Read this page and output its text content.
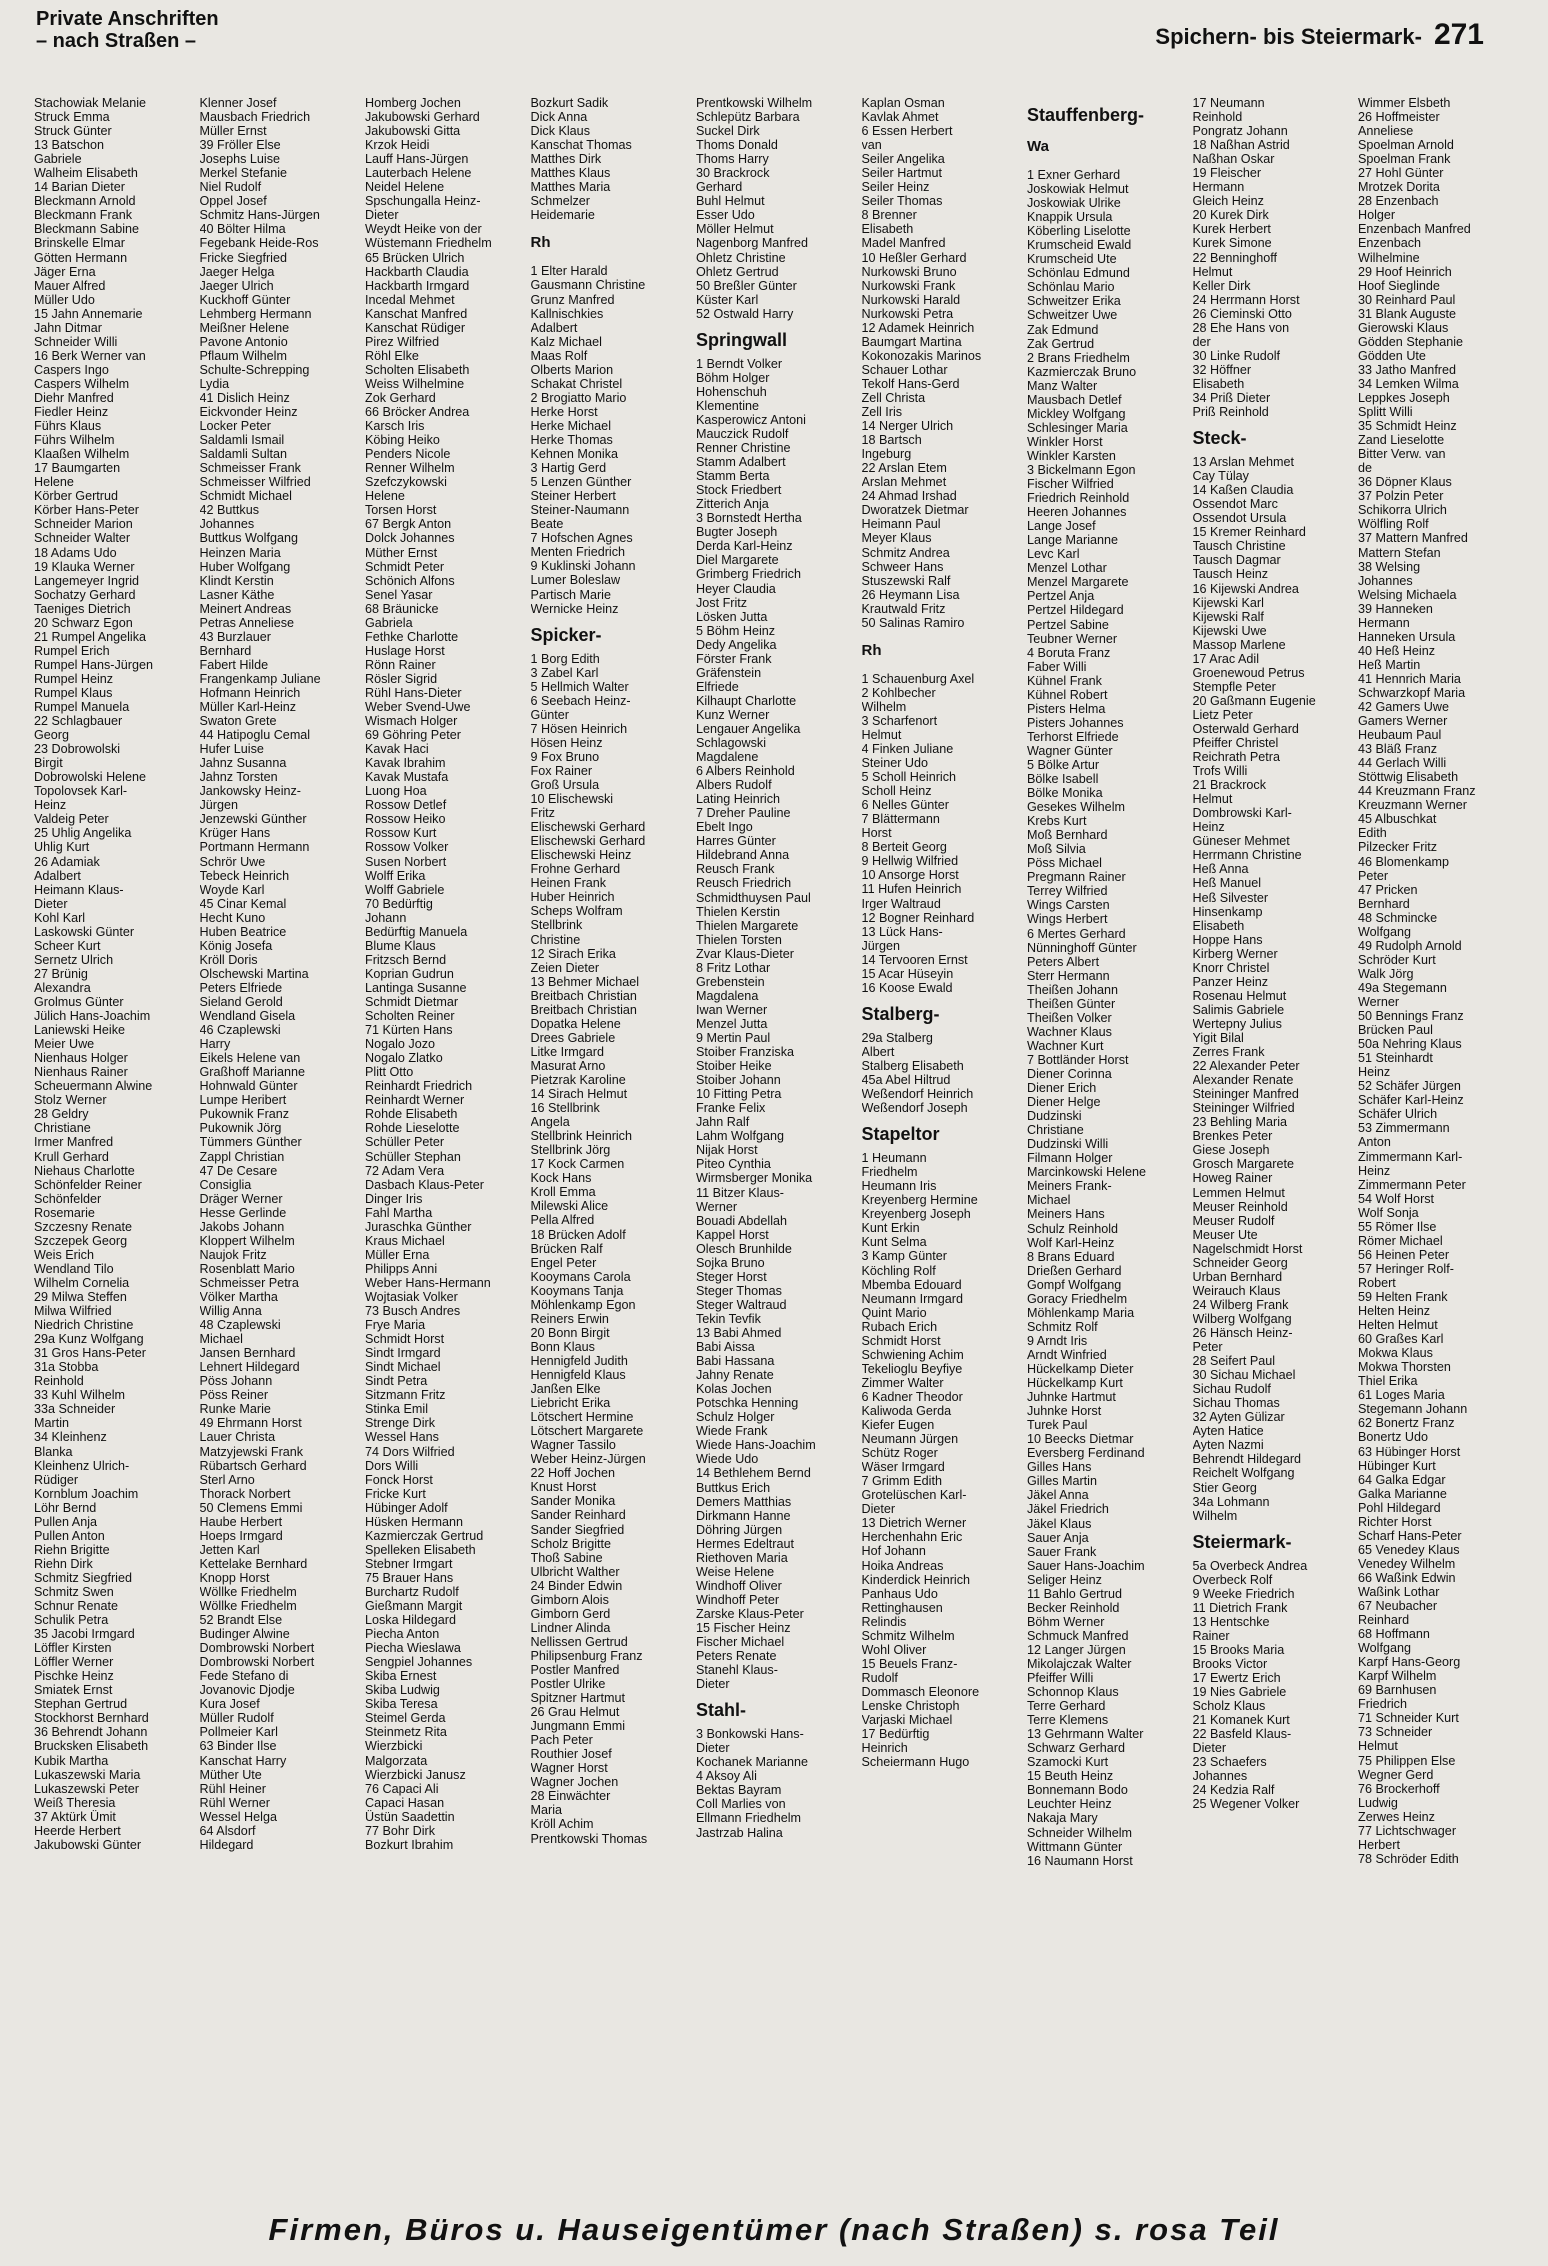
Private Anschriften
– nach Straßen –	Spichern- bis Steiermark- 271
Stachowiak Melanie
Struck Emma
Struck Günter
13 Batschon
Gabriele
Walheim Elisabeth
14 Barian Dieter
Bleckmann Arnold
Bleckmann Frank
Bleckmann Sabine
Brinskelle Elmar
Götten Hermann
Jäger Erna
Mauer Alfred
Müller Udo
15 Jahn Annemarie
Jahn Ditmar
Schneider Willi
16 Berk Werner van
Caspers Ingo
Caspers Wilhelm
Diehr Manfred
Fiedler Heinz
Führs Klaus
Führs Wilhelm
Klaaßen Wilhelm
17 Baumgarten
Helene
Körber Gertrud
Körber Hans-Peter
Schneider Marion
Schneider Walter
18 Adams Udo
19 Klauka Werner
Langemeyer Ingrid
Sochatzy Gerhard
Taeniges Dietrich
20 Schwarz Egon
21 Rumpel Angelika
Rumpel Erich
Rumpel Hans-Jürgen
Rumpel Heinz
Rumpel Klaus
Rumpel Manuela
22 Schlagbauer
Georg
23 Dobrowolski
Birgit
Dobrowolski Helene
Topolovsek Karl-
Heinz
Valdeig Peter
25 Uhlig Angelika
Uhlig Kurt
26 Adamiak
Adalbert
Heimann Klaus-
Dieter
Kohl Karl
Laskowski Günter
Scheer Kurt
Sernetz Ulrich
27 Brünig
Alexandra
Grolmus Günter
Jülich Hans-Joachim
Laniewski Heike
Meier Uwe
Nienhaus Holger
Nienhaus Rainer
Scheuermann Alwine
Stolz Werner
28 Geldry
Christiane
Irmer Manfred
Krull Gerhard
Niehaus Charlotte
Schönfelder Reiner
Schönfelder
Rosemarie
Szczesny Renate
Szczepek Georg
Weis Erich
Wendland Tilo
Wilhelm Cornelia
29 Milwa Steffen
Milwa Wilfried
Niedrich Christine
29a Kunz Wolfgang
31 Gros Hans-Peter
31a Stobba
Reinhold
33 Kuhl Wilhelm
33a Schneider
Martin
34 Kleinhenz
Blanka
Kleinhenz Ulrich-
Rüdiger
Kornblum Joachim
Löhr Bernd
Pullen Anja
Pullen Anton
Riehn Brigitte
Riehn Dirk
Schmitz Siegfried
Schmitz Swen
Schnur Renate
Schulik Petra
35 Jacobi Irmgard
Löffler Kirsten
Löffler Werner
Pischke Heinz
Smiatek Ernst
Stephan Gertrud
Stockhorst Bernhard
36 Behrendt Johann
Brucksken Elisabeth
Kubik Martha
Lukaszewski Maria
Lukaszewski Peter
Weiß Theresia
37 Aktürk Ümit
Heerde Herbert
Jakubowski Günter
Klenner Josef
Mausbach Friedrich
Müller Ernst
39 Fröller Else
Josephs Luise
Merkel Stefanie
Niel Rudolf
Oppel Josef
Schmitz Hans-Jürgen
40 Bölter Hilma
Fegebank Heide-Ros
Fricke Siegfried
Jaeger Helga
Jaeger Ulrich
Kuckhoff Günter
Lehmberg Hermann
Meißner Helene
Pavone Antonio
Pflaum Wilhelm
Schulte-Schrepping
Lydia
41 Dislich Heinz
Eickvonder Heinz
Locker Peter
Saldamli Ismail
Saldamli Sultan
Schmeisser Frank
Schmeisser Wilfried
Schmidt Michael
42 Buttkus
Johannes
Buttkus Wolfgang
Heinzen Maria
Huber Wolfgang
Klindt Kerstin
Lasner Käthe
Meinert Andreas
Petras Anneliese
43 Burzlauer
Bernhard
Fabert Hilde
Frangenkamp Juliane
Hofmann Heinrich
Müller Karl-Heinz
Swaton Grete
44 Hatipoglu Cemal
Hufer Luise
Jahnz Susanna
Jahnz Torsten
Jankowsky Heinz-
Jürgen
Jenzewski Günther
Krüger Hans
Portmann Hermann
Schrör Uwe
Tebeck Heinrich
Woyde Karl
45 Cinar Kemal
Hecht Kuno
Huben Beatrice
König Josefa
Kröll Doris
Olschewski Martina
Peters Elfriede
Sieland Gerold
Wendland Gisela
46 Czaplewski
Harry
Eikels Helene van
Graßhoff Marianne
Hohnwald Günter
Lumpe Heribert
Pukownik Franz
Pukownik Jörg
Tümmers Günther
Zappl Christian
47 De Cesare
Consiglia
Dräger Werner
Hesse Gerlinde
Jakobs Johann
Kloppert Wilhelm
Naujok Fritz
Rosenblatt Mario
Schmeisser Petra
Völker Martha
Willig Anna
48 Czaplewski
Michael
Jansen Bernhard
Lehnert Hildegard
Pöss Johann
Pöss Reiner
Runke Marie
49 Ehrmann Horst
Lauer Christa
Matzyjewski Frank
Rübartsch Gerhard
Sterl Arno
Thorack Norbert
50 Clemens Emmi
Haube Herbert
Hoeps Irmgard
Jetten Karl
Kettelake Bernhard
Knopp Horst
Wöllke Friedhelm
Wöllke Friedhelm
52 Brandt Else
Budinger Alwine
Dombrowski Norbert
Dombrowski Norbert
Fede Stefano di
Jovanovic Djodje
Kura Josef
Müller Rudolf
Pollmeier Karl
63 Binder Ilse
Kanschat Harry
Müther Ute
Rühl Heiner
Rühl Werner
Wessel Helga
64 Alsdorf
Hildegard
Homberg Jochen
Jakubowski Gerhard
Jakubowski Gitta
Krzok Heidi
Lauff Hans-Jürgen
Lauterbach Helene
Neidel Helene
Spschungalla Heinz-
Dieter
Weydt Heike von der
Wüstemann Friedhelm
65 Brücken Ulrich
Hackbarth Claudia
Hackbarth Irmgard
Incedal Mehmet
Kanschat Manfred
Kanschat Rüdiger
Pirez Wilfried
Röhl Elke
Scholten Elisabeth
Weiss Wilhelmine
Zok Gerhard
66 Bröcker Andrea
Karsch Iris
Köbing Heiko
Penders Nicole
Renner Wilhelm
Szefczykowski
Helene
Torsen Horst
67 Bergk Anton
Dolck Johannes
Müther Ernst
Schmidt Peter
Schönich Alfons
Senel Yasar
68 Bräunicke
Gabriela
Fethke Charlotte
Huslage Horst
Rönn Rainer
Rösler Sigrid
Rühl Hans-Dieter
Weber Svend-Uwe
Wismach Holger
69 Göhring Peter
Kavak Haci
Kavak Ibrahim
Kavak Mustafa
Luong Hoa
Rossow Detlef
Rossow Heiko
Rossow Kurt
Rossow Volker
Susen Norbert
Wolff Erika
Wolff Gabriele
70 Bedürftig
Johann
Bedürftig Manuela
Blume Klaus
Fritzsch Bernd
Koprian Gudrun
Lantinga Susanne
Schmidt Dietmar
Scholten Reiner
71 Kürten Hans
Nogalo Jozo
Nogalo Zlatko
Plitt Otto
Reinhardt Friedrich
Reinhardt Werner
Rohde Elisabeth
Rohde Lieselotte
Schüller Peter
Schüller Stephan
72 Adam Vera
Dasbach Klaus-Peter
Dinger Iris
Fahl Martha
Juraschka Günther
Kraus Michael
Müller Erna
Philipps Anni
Weber Hans-Hermann
Wojtasiak Volker
73 Busch Andres
Frye Maria
Schmidt Horst
Sindt Irmgard
Sindt Michael
Sindt Petra
Sitzmann Fritz
Stinka Emil
Strenge Dirk
Wessel Hans
74 Dors Wilfried
Dors Willi
Fonck Horst
Fricke Kurt
Hübinger Adolf
Hüsken Hermann
Kazmierczak Gertrud
Spelleken Elisabeth
Stebner Irmgart
75 Brauer Hans
Burchartz Rudolf
Gießmann Margit
Loska Hildegard
Piecha Anton
Piecha Wieslawa
Sengpiel Johannes
Skiba Ernest
Skiba Ludwig
Skiba Teresa
Steimel Gerda
Steinmetz Rita
Wierzbicki
Malgorzata
Wierzbicki Janusz
76 Capaci Ali
Capaci Hasan
Üstün Saadettin
77 Bohr Dirk
Bozkurt Ibrahim
Bozkurt Sadik
Dick Anna
Dick Klaus
Kanschat Thomas
Matthes Dirk
Matthes Klaus
Matthes Maria
Schmelzer
Heidemarie
Rh
1 Elter Harald
Gausmann Christine
Grunz Manfred
Kallnischkies
Adalbert
Kalz Michael
Maas Rolf
Olberts Marion
Schakat Christel
2 Brogiatto Mario
Herke Horst
Herke Michael
Herke Thomas
Kehnen Monika
3 Hartig Gerd
5 Lenzen Günther
Steiner Herbert
Steiner-Naumann
Beate
7 Hofschen Agnes
Menten Friedrich
9 Kuklinski Johann
Lumer Boleslaw
Partisch Marie
Wernicke Heinz
Spicker-
1 Borg Edith
3 Zabel Karl
5 Hellmich Walter
6 Seebach Heinz-
Günter
7 Hösen Heinrich
Hösen Heinz
9 Fox Bruno
Fox Rainer
Groß Ursula
10 Elischewski
Fritz
Elischewski Gerhard
Elischewski Gerhard
Elischewski Heinz
Frohne Gerhard
Heinen Frank
Huber Heinrich
Scheps Wolfram
Stellbrink
Christine
12 Sirach Erika
Zeien Dieter
13 Behmer Michael
Breitbach Christian
Breitbach Christian
Dopatka Helene
Drees Gabriele
Litke Irmgard
Masurat Arno
Pietzrak Karoline
14 Sirach Helmut
16 Stellbrink
Angela
Stellbrink Heinrich
Stellbrink Jörg
17 Kock Carmen
Kock Hans
Kroll Emma
Milewski Alice
Pella Alfred
18 Brücken Adolf
Brücken Ralf
Engel Peter
Kooymans Carola
Kooymans Tanja
Möhlenkamp Egon
Reiners Erwin
20 Bonn Birgit
Bonn Klaus
Hennigfeld Judith
Hennigfeld Klaus
Janßen Elke
Liebricht Erika
Lötschert Hermine
Lötschert Margarete
Wagner Tassilo
Weber Heinz-Jürgen
22 Hoff Jochen
Knust Horst
Sander Monika
Sander Reinhard
Sander Siegfried
Scholz Brigitte
Thoß Sabine
Ulbricht Walther
24 Binder Edwin
Gimborn Alois
Gimborn Gerd
Lindner Alinda
Nellissen Gertrud
Philipsenburg Franz
Postler Manfred
Postler Ulrike
Spitzner Hartmut
26 Grau Helmut
Jungmann Emmi
Pach Peter
Routhier Josef
Wagner Horst
Wagner Jochen
28 Einwächter
Maria
Kröll Achim
Prentkowski Thomas
Prentkowski Wilhelm
Schlepütz Barbara
Suckel Dirk
Thoms Donald
Thoms Harry
30 Brackrock
Gerhard
Buhl Helmut
Esser Udo
Möller Helmut
Nagenborg Manfred
Ohletz Christine
Ohletz Gertrud
50 Breßler Günter
Küster Karl
52 Ostwald Harry
Springwall
1 Berndt Volker
Böhm Holger
Hohenschuh
Klementine
Kasperowicz Antoni
Mauczick Rudolf
Renner Christine
Stamm Adalbert
Stamm Berta
Stock Friedbert
Zitterich Anja
3 Bornstedt Hertha
Bugter Joseph
Derda Karl-Heinz
Diel Margarete
Grimberg Friedrich
Heyer Claudia
Jost Fritz
Lösken Jutta
5 Böhm Heinz
Dedy Angelika
Förster Frank
Gräfenstein
Elfriede
Kilhaupt Charlotte
Kunz Werner
Lengauer Angelika
Schlagowski
Magdalene
6 Albers Reinhold
Albers Rudolf
Lating Heinrich
7 Dreher Pauline
Ebelt Ingo
Harres Günter
Hildebrand Anna
Reusch Frank
Reusch Friedrich
Schmidthuysen Paul
Thielen Kerstin
Thielen Margarete
Thielen Torsten
Zvar Klaus-Dieter
8 Fritz Lothar
Grebenstein
Magdalena
Iwan Werner
Menzel Jutta
9 Mertin Paul
Stoiber Franziska
Stoiber Heike
Stoiber Johann
10 Fitting Petra
Franke Felix
Jahn Ralf
Lahm Wolfgang
Nijak Horst
Piteo Cynthia
Wirmsberger Monika
11 Bitzer Klaus-
Werner
Bouadi Abdellah
Kappel Horst
Olesch Brunhilde
Sojka Bruno
Steger Horst
Steger Thomas
Steger Waltraud
Tekin Tevfik
13 Babi Ahmed
Babi Aissa
Babi Hassana
Jahny Renate
Kolas Jochen
Potschka Henning
Schulz Holger
Wiede Frank
Wiede Hans-Joachim
Wiede Udo
14 Bethlehem Bernd
Buttkus Erich
Demers Matthias
Dirkmann Hanne
Döhring Jürgen
Hermes Edeltraut
Riethoven Maria
Weise Helene
Windhoff Oliver
Windhoff Peter
Zarske Klaus-Peter
15 Fischer Heinz
Fischer Michael
Peters Renate
Stanehl Klaus-
Dieter
Stahl-
3 Bonkowski Hans-
Dieter
Kochanek Marianne
4 Aksoy Ali
Bektas Bayram
Coll Marlies von
Ellmann Friedhelm
Jastrzab Halina
Kaplan Osman
Kavlak Ahmet
6 Essen Herbert
van
Seiler Angelika
Seiler Hartmut
Seiler Heinz
Seiler Thomas
8 Brenner
Elisabeth
Madel Manfred
10 Heßler Gerhard
Nurkowski Bruno
Nurkowski Frank
Nurkowski Harald
Nurkowski Petra
12 Adamek Heinrich
Baumgart Martina
Kokonozakis Marinos
Schauer Lothar
Tekolf Hans-Gerd
Zell Christa
Zell Iris
14 Nerger Ulrich
18 Bartsch
Ingeburg
22 Arslan Etem
Arslan Mehmet
24 Ahmad Irshad
Dworatzek Dietmar
Heimann Paul
Meyer Klaus
Schmitz Andrea
Schweer Hans
Stuszewski Ralf
26 Heymann Lisa
Krautwald Fritz
50 Salinas Ramiro
Rh
1 Schauenburg Axel
2 Kohlbecher
Wilhelm
3 Scharfenort
Helmut
4 Finken Juliane
Steiner Udo
5 Scholl Heinrich
Scholl Heinz
6 Nelles Günter
7 Blättermann
Horst
8 Berteit Georg
9 Hellwig Wilfried
10 Ansorge Horst
11 Hufen Heinrich
Irger Waltraud
12 Bogner Reinhard
13 Lück Hans-
Jürgen
14 Tervooren Ernst
15 Acar Hüseyin
16 Koose Ewald
Stalberg-
29a Stalberg
Albert
Stalberg Elisabeth
45a Abel Hiltrud
Weßendorf Heinrich
Weßendorf Joseph
Stapeltor
1 Heumann
Friedhelm
Heumann Iris
Kreyenberg Hermine
Kreyenberg Joseph
Kunt Erkin
Kunt Selma
3 Kamp Günter
Köchling Rolf
Mbemba Edouard
Neumann Irmgard
Quint Mario
Rubach Erich
Schmidt Horst
Schwiening Achim
Tekelioglu Beyfiye
Zimmer Walter
6 Kadner Theodor
Kaliwoda Gerda
Kiefer Eugen
Neumann Jürgen
Schütz Roger
Wäser Irmgard
7 Grimm Edith
Grotelüschen Karl-
Dieter
13 Dietrich Werner
Herchenhahn Eric
Hof Johann
Hoika Andreas
Kinderdick Heinrich
Panhaus Udo
Rettinghausen
Relindis
Schmitz Wilhelm
Wohl Oliver
15 Beuels Franz-
Rudolf
Dommasch Eleonore
Lenske Christoph
Varjaski Michael
17 Bedürftig
Heinrich
Scheiermann Hugo
Stauffenberg-
Wa
1 Exner Gerhard
Joskowiak Helmut
Joskowiak Ulrike
Knappik Ursula
Köberling Liselotte
Krumscheid Ewald
Krumscheid Ute
Schönlau Edmund
Schönlau Mario
Schweitzer Erika
Schweitzer Uwe
Zak Edmund
Zak Gertrud
2 Brans Friedhelm
Kazmierczak Bruno
Manz Walter
Mausbach Detlef
Mickley Wolfgang
Schlesinger Maria
Winkler Horst
Winkler Karsten
3 Bickelmann Egon
Fischer Wilfried
Friedrich Reinhold
Heeren Johannes
Lange Josef
Lange Marianne
Levc Karl
Menzel Lothar
Menzel Margarete
Pertzel Anja
Pertzel Hildegard
Pertzel Sabine
Teubner Werner
4 Boruta Franz
Faber Willi
Kühnel Frank
Kühnel Robert
Pisters Helma
Pisters Johannes
Terhorst Elfriede
Wagner Günter
5 Bölke Artur
Bölke Isabell
Bölke Monika
Gesekes Wilhelm
Krebs Kurt
Moß Bernhard
Moß Silvia
Pöss Michael
Pregmann Rainer
Terrey Wilfried
Wings Carsten
Wings Herbert
6 Mertes Gerhard
Nünninghoff Günter
Peters Albert
Sterr Hermann
Theißen Johann
Theißen Günter
Theißen Volker
Wachner Klaus
Wachner Kurt
7 Bottländer Horst
Diener Corinna
Diener Erich
Diener Helge
Dudzinski
Christiane
Dudzinski Willi
Filmann Holger
Marcinkowski Helene
Meiners Frank-
Michael
Meiners Hans
Schulz Reinhold
Wolf Karl-Heinz
8 Brans Eduard
Drießen Gerhard
Gompf Wolfgang
Goracy Friedhelm
Möhlenkamp Maria
Schmitz Rolf
9 Arndt Iris
Arndt Winfried
Hückelkamp Dieter
Hückelkamp Kurt
Juhnke Hartmut
Juhnke Horst
Turek Paul
10 Beecks Dietmar
Eversberg Ferdinand
Gilles Hans
Gilles Martin
Jäkel Anna
Jäkel Friedrich
Jäkel Klaus
Sauer Anja
Sauer Frank
Sauer Hans-Joachim
Seliger Heinz
11 Bahlo Gertrud
Becker Reinhold
Böhm Werner
Schmuck Manfred
12 Langer Jürgen
Mikolajczak Walter
Pfeiffer Willi
Schonnop Klaus
Terre Gerhard
Terre Klemens
13 Gehrmann Walter
Schwarz Gerhard
Szamocki Kurt
15 Beuth Heinz
Bonnemann Bodo
Leuchter Heinz
Nakaja Mary
Schneider Wilhelm
Wittmann Günter
16 Naumann Horst
17 Neumann
Reinhold
Pongratz Johann
18 Naßhan Astrid
Naßhan Oskar
19 Fleischer
Hermann
Gleich Heinz
20 Kurek Dirk
Kurek Herbert
Kurek Simone
22 Benninghoff
Helmut
Keller Dirk
24 Herrmann Horst
26 Cieminski Otto
28 Ehe Hans von
der
30 Linke Rudolf
32 Höffner
Elisabeth
34 Priß Dieter
Priß Reinhold
Steck-
13 Arslan Mehmet
Cay Tülay
14 Kaßen Claudia
Ossendot Marc
Ossendot Ursula
15 Kremer Reinhard
Tausch Christine
Tausch Dagmar
Tausch Heinz
16 Kijewski Andrea
Kijewski Karl
Kijewski Ralf
Kijewski Uwe
Massop Marlene
17 Arac Adil
Groenewoud Petrus
Stempfle Peter
20 Gaßmann Eugenie
Lietz Peter
Osterwald Gerhard
Pfeiffer Christel
Reichrath Petra
Trofs Willi
21 Brackrock
Helmut
Dombrowski Karl-
Heinz
Güneser Mehmet
Herrmann Christine
Heß Anna
Heß Manuel
Heß Silvester
Hinsenkamp
Elisabeth
Hoppe Hans
Kirberg Werner
Knorr Christel
Panzer Heinz
Rosenau Helmut
Salimis Gabriele
Wertepny Julius
Yigit Bilal
Zerres Frank
22 Alexander Peter
Alexander Renate
Steininger Manfred
Steininger Wilfried
23 Behling Maria
Brenkes Peter
Giese Joseph
Grosch Margarete
Howeg Rainer
Lemmen Helmut
Meuser Reinhold
Meuser Rudolf
Meuser Ute
Nagelschmidt Horst
Schneider Georg
Urban Bernhard
Weirauch Klaus
24 Wilberg Frank
Wilberg Wolfgang
26 Hänsch Heinz-
Peter
28 Seifert Paul
30 Sichau Michael
Sichau Rudolf
Sichau Thomas
32 Ayten Gülizar
Ayten Hatice
Ayten Nazmi
Behrendt Hildegard
Reichelt Wolfgang
Stier Georg
34a Lohmann
Wilhelm
Steiermark-
5a Overbeck Andrea
Overbeck Rolf
9 Weeke Friedrich
11 Dietrich Frank
13 Hentschke
Rainer
15 Brooks Maria
Brooks Victor
17 Ewertz Erich
19 Nies Gabriele
Scholz Klaus
21 Komanek Kurt
22 Basfeld Klaus-
Dieter
23 Schaefers
Johannes
24 Kedzia Ralf
25 Wegener Volker
Wimmer Elsbeth
26 Hoffmeister
Anneliese
Spoelman Arnold
Spoelman Frank
27 Hohl Günter
Mrotzek Dorita
28 Enzenbach
Holger
Enzenbach Manfred
Enzenbach
Wilhelmine
29 Hoof Heinrich
Hoof Sieglinde
30 Reinhard Paul
31 Blank Auguste
Gierowski Klaus
Gödden Stephanie
Gödden Ute
33 Jatho Manfred
34 Lemken Wilma
Leppkes Joseph
Splitt Willi
35 Schmidt Heinz
Zand Lieselotte
Bitter Verw. van
de
36 Döpner Klaus
37 Polzin Peter
Schikorra Ulrich
Wölfling Rolf
37 Mattern Manfred
Mattern Stefan
38 Welsing
Johannes
Welsing Michaela
39 Hanneken
Hermann
Hanneken Ursula
40 Heß Heinz
Heß Martin
41 Hennrich Maria
Schwarzkopf Maria
42 Gamers Uwe
Gamers Werner
Heubaum Paul
43 Bläß Franz
44 Gerlach Willi
Stöttwig Elisabeth
44 Kreuzmann Franz
Kreuzmann Werner
45 Albuschkat
Edith
Pilzecker Fritz
46 Blomenkamp
Peter
47 Pricken
Bernhard
48 Schmincke
Wolfgang
49 Rudolph Arnold
Schröder Kurt
Walk Jörg
49a Stegemann
Werner
50 Bennings Franz
Brücken Paul
50a Nehring Klaus
51 Steinhardt
Heinz
52 Schäfer Jürgen
Schäfer Karl-Heinz
Schäfer Ulrich
53 Zimmermann
Anton
Zimmermann Karl-
Heinz
Zimmermann Peter
54 Wolf Horst
Wolf Sonja
55 Römer Ilse
Römer Michael
56 Heinen Peter
57 Heringer Rolf-
Robert
59 Helten Frank
Helten Heinz
Helten Helmut
60 Graßes Karl
Mokwa Klaus
Mokwa Thorsten
Thiel Erika
61 Loges Maria
Stegemann Johann
62 Bonertz Franz
Bonertz Udo
63 Hübinger Horst
Hübinger Kurt
64 Galka Edgar
Galka Marianne
Pohl Hildegard
Richter Horst
Scharf Hans-Peter
65 Venedey Klaus
Venedey Wilhelm
66 Waßink Edwin
Waßink Lothar
67 Neubacher
Reinhard
68 Hoffmann
Wolfgang
Karpf Hans-Georg
Karpf Wilhelm
69 Barnhusen
Friedrich
71 Schneider Kurt
73 Schneider
Helmut
75 Philippen Else
Wegner Gerd
76 Brockerhoff
Ludwig
Zerwes Heinz
77 Lichtschwager
Herbert
78 Schröder Edith
Firmen, Büros u. Hauseigentümer (nach Straßen) s. rosa Teil
